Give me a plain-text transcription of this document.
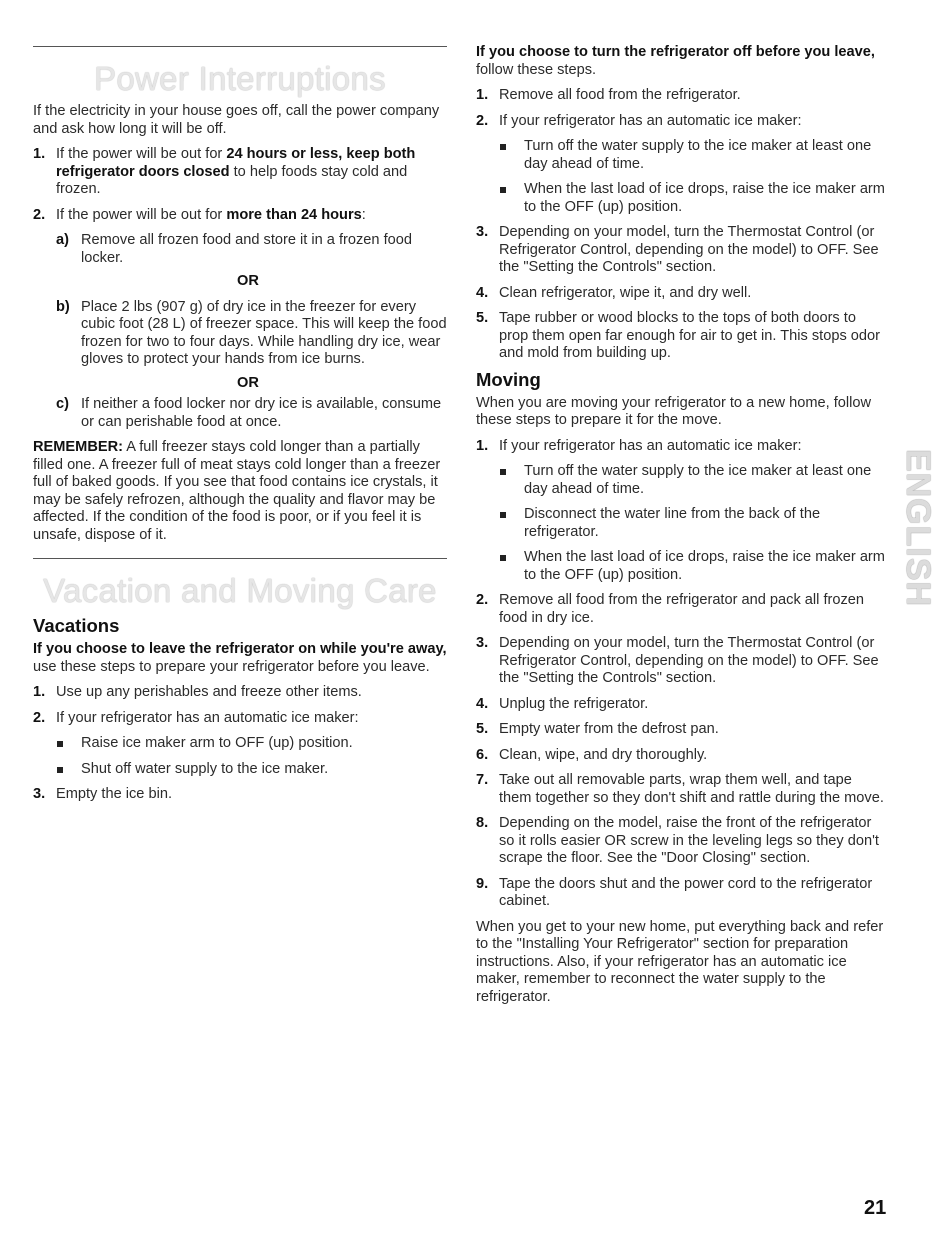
Power Interruptions

If the electricity in your house goes off, call the power company and ask how long it will be off.

1. If the power will be out for 24 hours or less, keep both refrigerator doors closed to help foods stay cold and frozen.
2. If the power will be out for more than 24 hours:
a) Remove all frozen food and store it in a frozen food locker.
OR
b) Place 2 lbs (907 g) of dry ice in the freezer for every cubic foot (28 L) of freezer space. This will keep the food frozen for two to four days. While handling dry ice, wear gloves to protect your hands from ice burns.
OR
c) If neither a food locker nor dry ice is available, consume or can perishable food at once.

REMEMBER: A full freezer stays cold longer than a partially filled one. A freezer full of meat stays cold longer than a freezer full of baked goods. If you see that food contains ice crystals, it may be safely refrozen, although the quality and flavor may be affected. If the condition of the food is poor, or if you feel it is unsafe, dispose of it.

Vacation and Moving Care
Vacations

If you choose to leave the refrigerator on while you're away, use these steps to prepare your refrigerator before you leave.

1. Use up any perishables and freeze other items.
2. If your refrigerator has an automatic ice maker:
Raise ice maker arm to OFF (up) position.
Shut off water supply to the ice maker.
3. Empty the ice bin.

If you choose to turn the refrigerator off before you leave, follow these steps.

1. Remove all food from the refrigerator.
2. If your refrigerator has an automatic ice maker:
Turn off the water supply to the ice maker at least one day ahead of time.
When the last load of ice drops, raise the ice maker arm to the OFF (up) position.
3. Depending on your model, turn the Thermostat Control (or Refrigerator Control, depending on the model) to OFF. See the "Setting the Controls" section.
4. Clean refrigerator, wipe it, and dry well.
5. Tape rubber or wood blocks to the tops of both doors to prop them open far enough for air to get in. This stops odor and mold from building up.
Moving

When you are moving your refrigerator to a new home, follow these steps to prepare it for the move.

1. If your refrigerator has an automatic ice maker:
Turn off the water supply to the ice maker at least one day ahead of time.
Disconnect the water line from the back of the refrigerator.
When the last load of ice drops, raise the ice maker arm to the OFF (up) position.
2. Remove all food from the refrigerator and pack all frozen food in dry ice.
3. Depending on your model, turn the Thermostat Control (or Refrigerator Control, depending on the model) to OFF. See the "Setting the Controls" section.
4. Unplug the refrigerator.
5. Empty water from the defrost pan.
6. Clean, wipe, and dry thoroughly.
7. Take out all removable parts, wrap them well, and tape them together so they don't shift and rattle during the move.
8. Depending on the model, raise the front of the refrigerator so it rolls easier OR screw in the leveling legs so they don't scrape the floor. See the "Door Closing" section.
9. Tape the doors shut and the power cord to the refrigerator cabinet.

When you get to your new home, put everything back and refer to the "Installing Your Refrigerator" section for preparation instructions. Also, if your refrigerator has an automatic ice maker, remember to reconnect the water supply to the refrigerator.

ENGLISH
21
